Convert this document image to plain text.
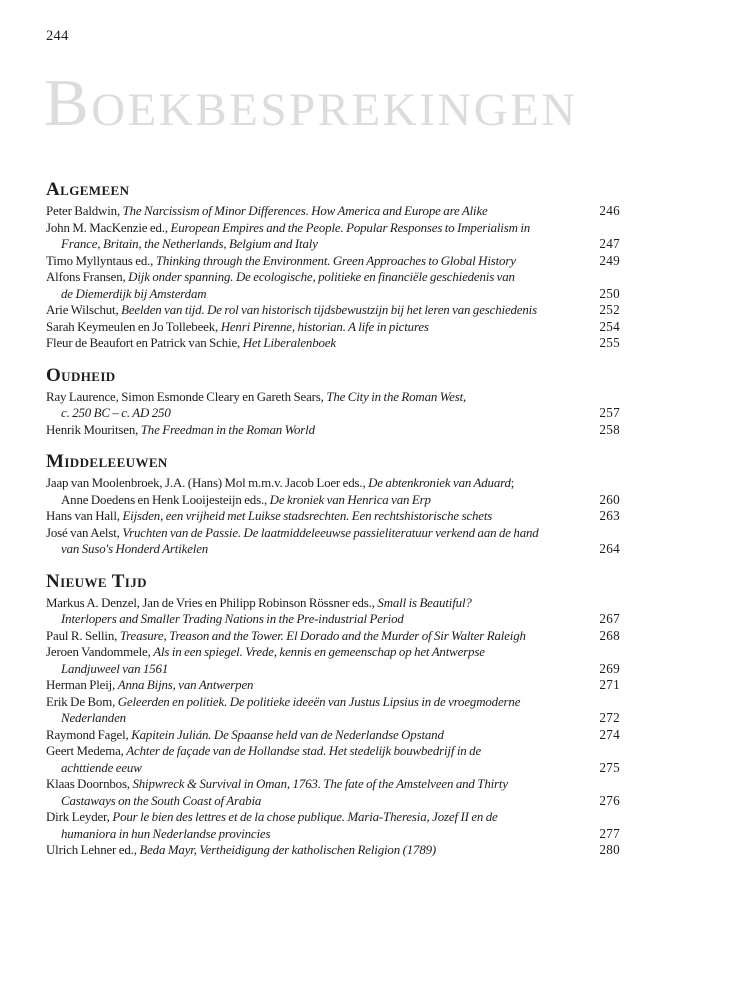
244
Boekbesprekingen
Algemeen
Peter Baldwin, The Narcissism of Minor Differences. How America and Europe are Alike	246
John M. MacKenzie ed., European Empires and the People. Popular Responses to Imperialism in
France, Britain, the Netherlands, Belgium and Italy	247
Timo Myllyntaus ed., Thinking through the Environment. Green Approaches to Global History	249
Alfons Fransen, Dijk onder spanning. De ecologische, politieke en financiële geschiedenis van
de Diemerdijk bij Amsterdam	250
Arie Wilschut, Beelden van tijd. De rol van historisch tijdsbewustzijn bij het leren van geschiedenis	252
Sarah Keymeulen en Jo Tollebeek, Henri Pirenne, historian. A life in pictures	254
Fleur de Beaufort en Patrick van Schie, Het Liberalenboek	255
Oudheid
Ray Laurence, Simon Esmonde Cleary en Gareth Sears, The City in the Roman West,
c. 250 BC – c. AD 250	257
Henrik Mouritsen, The Freedman in the Roman World	258
Middeleeuwen
Jaap van Moolenbroek, J.A. (Hans) Mol m.m.v. Jacob Loer eds., De abtenkroniek van Aduard;
Anne Doedens en Henk Looijesteijn eds., De kroniek van Henrica van Erp	260
Hans van Hall, Eijsden, een vrijheid met Luikse stadsrechten. Een rechtshistorische schets	263
José van Aelst, Vruchten van de Passie. De laatmiddeleeuwse passieliteratuur verkend aan de hand
van Suso's Honderd Artikelen	264
Nieuwe Tijd
Markus A. Denzel, Jan de Vries en Philipp Robinson Rössner eds., Small is Beautiful?
Interlopers and Smaller Trading Nations in the Pre-industrial Period	267
Paul R. Sellin, Treasure, Treason and the Tower. El Dorado and the Murder of Sir Walter Raleigh	268
Jeroen Vandommele, Als in een spiegel. Vrede, kennis en gemeenschap op het Antwerpse
Landjuweel van 1561	269
Herman Pleij, Anna Bijns, van Antwerpen	271
Erik De Bom, Geleerden en politiek. De politieke ideeën van Justus Lipsius in de vroegmoderne
Nederlanden	272
Raymond Fagel, Kapitein Julián. De Spaanse held van de Nederlandse Opstand	274
Geert Medema, Achter de façade van de Hollandse stad. Het stedelijk bouwbedrijf in de
achttiende eeuw	275
Klaas Doornbos, Shipwreck & Survival in Oman, 1763. The fate of the Amstelveen and Thirty
Castaways on the South Coast of Arabia	276
Dirk Leyder, Pour le bien des lettres et de la chose publique. Maria-Theresia, Jozef II en de
humaniora in hun Nederlandse provincies	277
Ulrich Lehner ed., Beda Mayr, Vertheidigung der katholischen Religion (1789)	280
